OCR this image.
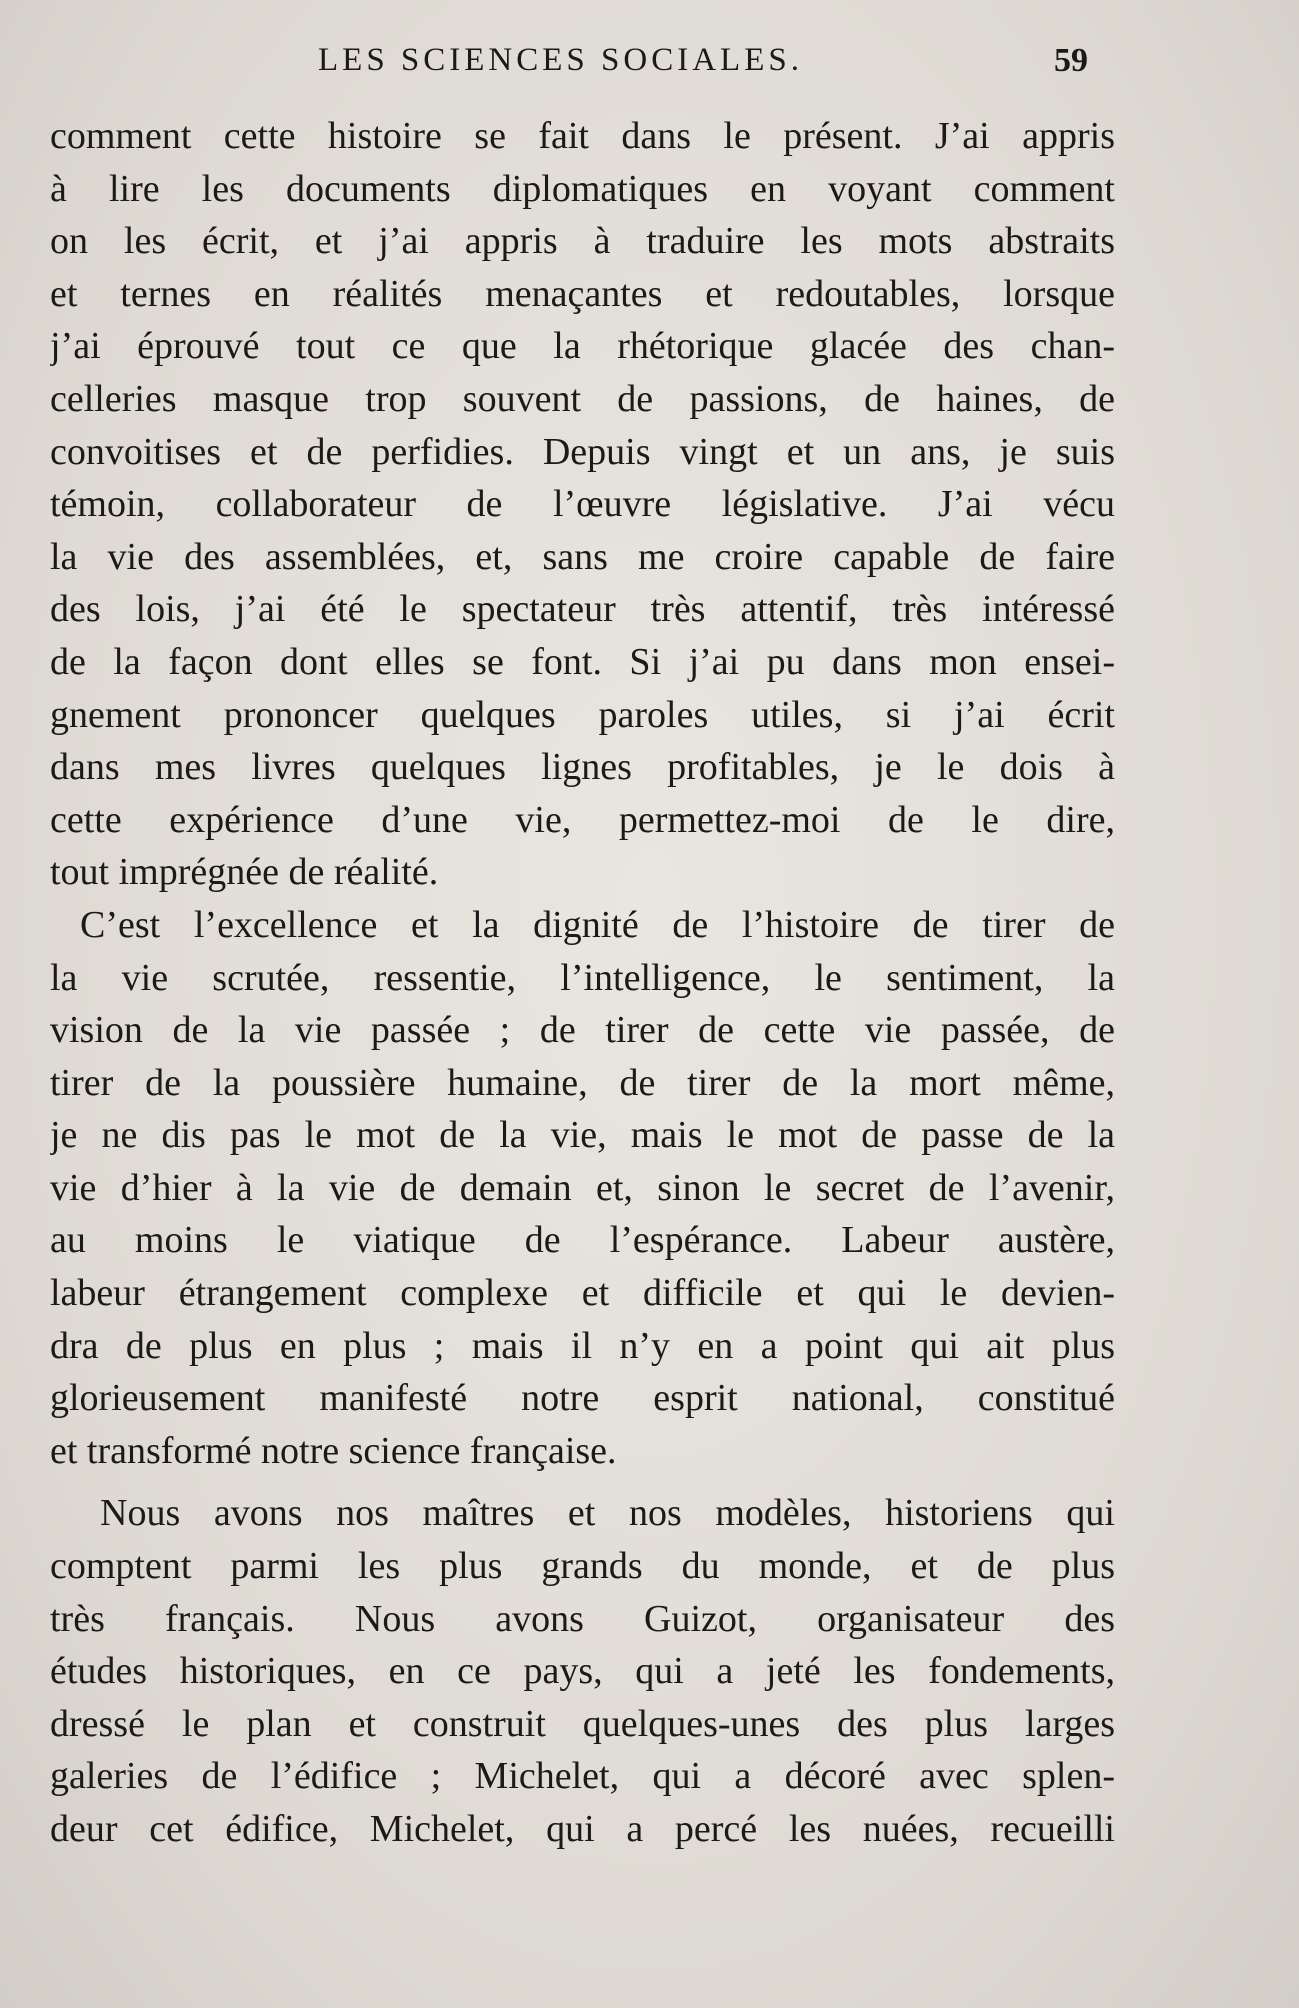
LES SCIENCES SOCIALES.	59
comment cette histoire se fait dans le présent. J’ai appris
à lire les documents diplomatiques en voyant comment
on les écrit, et j’ai appris à traduire les mots abstraits
et ternes en réalités menaçantes et redoutables, lorsque
j’ai éprouvé tout ce que la rhétorique glacée des chan-
celleries masque trop souvent de passions, de haines, de
convoitises et de perfidies. Depuis vingt et un ans, je suis
témoin, collaborateur de l’œuvre législative. J’ai vécu
la vie des assemblées, et, sans me croire capable de faire
des lois, j’ai été le spectateur très attentif, très intéressé
de la façon dont elles se font. Si j’ai pu dans mon ensei-
gnement prononcer quelques paroles utiles, si j’ai écrit
dans mes livres quelques lignes profitables, je le dois à
cette expérience d’une vie, permettez-moi de le dire,
tout imprégnée de réalité.
C’est l’excellence et la dignité de l’histoire de tirer de
la vie scrutée, ressentie, l’intelligence, le sentiment, la
vision de la vie passée ; de tirer de cette vie passée, de
tirer de la poussière humaine, de tirer de la mort même,
je ne dis pas le mot de la vie, mais le mot de passe de la
vie d’hier à la vie de demain et, sinon le secret de l’avenir,
au moins le viatique de l’espérance. Labeur austère,
labeur étrangement complexe et difficile et qui le devien-
dra de plus en plus ; mais il n’y en a point qui ait plus
glorieusement manifesté notre esprit national, constitué
et transformé notre science française.
Nous avons nos maîtres et nos modèles, historiens qui
comptent parmi les plus grands du monde, et de plus
très français. Nous avons Guizot, organisateur des
études historiques, en ce pays, qui a jeté les fondements,
dressé le plan et construit quelques-unes des plus larges
galeries de l’édifice ; Michelet, qui a décoré avec splen-
deur cet édifice, Michelet, qui a percé les nuées, recueilli
